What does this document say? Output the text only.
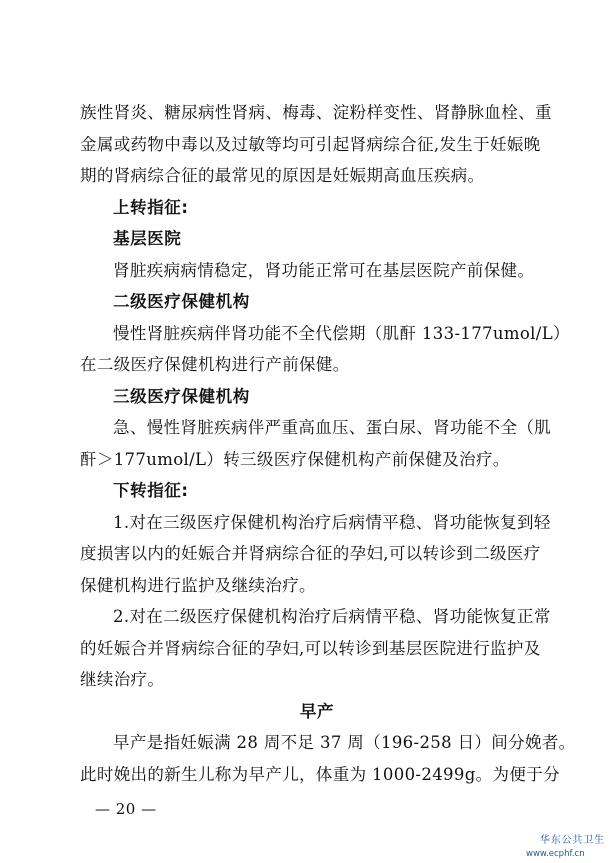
族性肾炎、糖尿病性肾病、梅毒、淀粉样变性、肾静脉血栓、重
金属或药物中毒以及过敏等均可引起肾病综合征,发生于妊娠晚
期的肾病综合征的最常见的原因是妊娠期高血压疾病。
上转指征:
基层医院
肾脏疾病病情稳定，肾功能正常可在基层医院产前保健。
二级医疗保健机构
慢性肾脏疾病伴肾功能不全代偿期（肌酐 133-177umol/L）
在二级医疗保健机构进行产前保健。
三级医疗保健机构
急、慢性肾脏疾病伴严重高血压、蛋白尿、肾功能不全（肌
酐＞177umol/L）转三级医疗保健机构产前保健及治疗。
下转指征:
1.对在三级医疗保健机构治疗后病情平稳、肾功能恢复到轻
度损害以内的妊娠合并肾病综合征的孕妇,可以转诊到二级医疗
保健机构进行监护及继续治疗。
2.对在二级医疗保健机构治疗后病情平稳、肾功能恢复正常
的妊娠合并肾病综合征的孕妇,可以转诊到基层医院进行监护及
继续治疗。
早产
早产是指妊娠满 28 周不足 37 周（196-258 日）间分娩者。
此时娩出的新生儿称为早产儿，体重为 1000-2499g。为便于分
— 20 —
华东公共卫生
www.ecphf.cn
